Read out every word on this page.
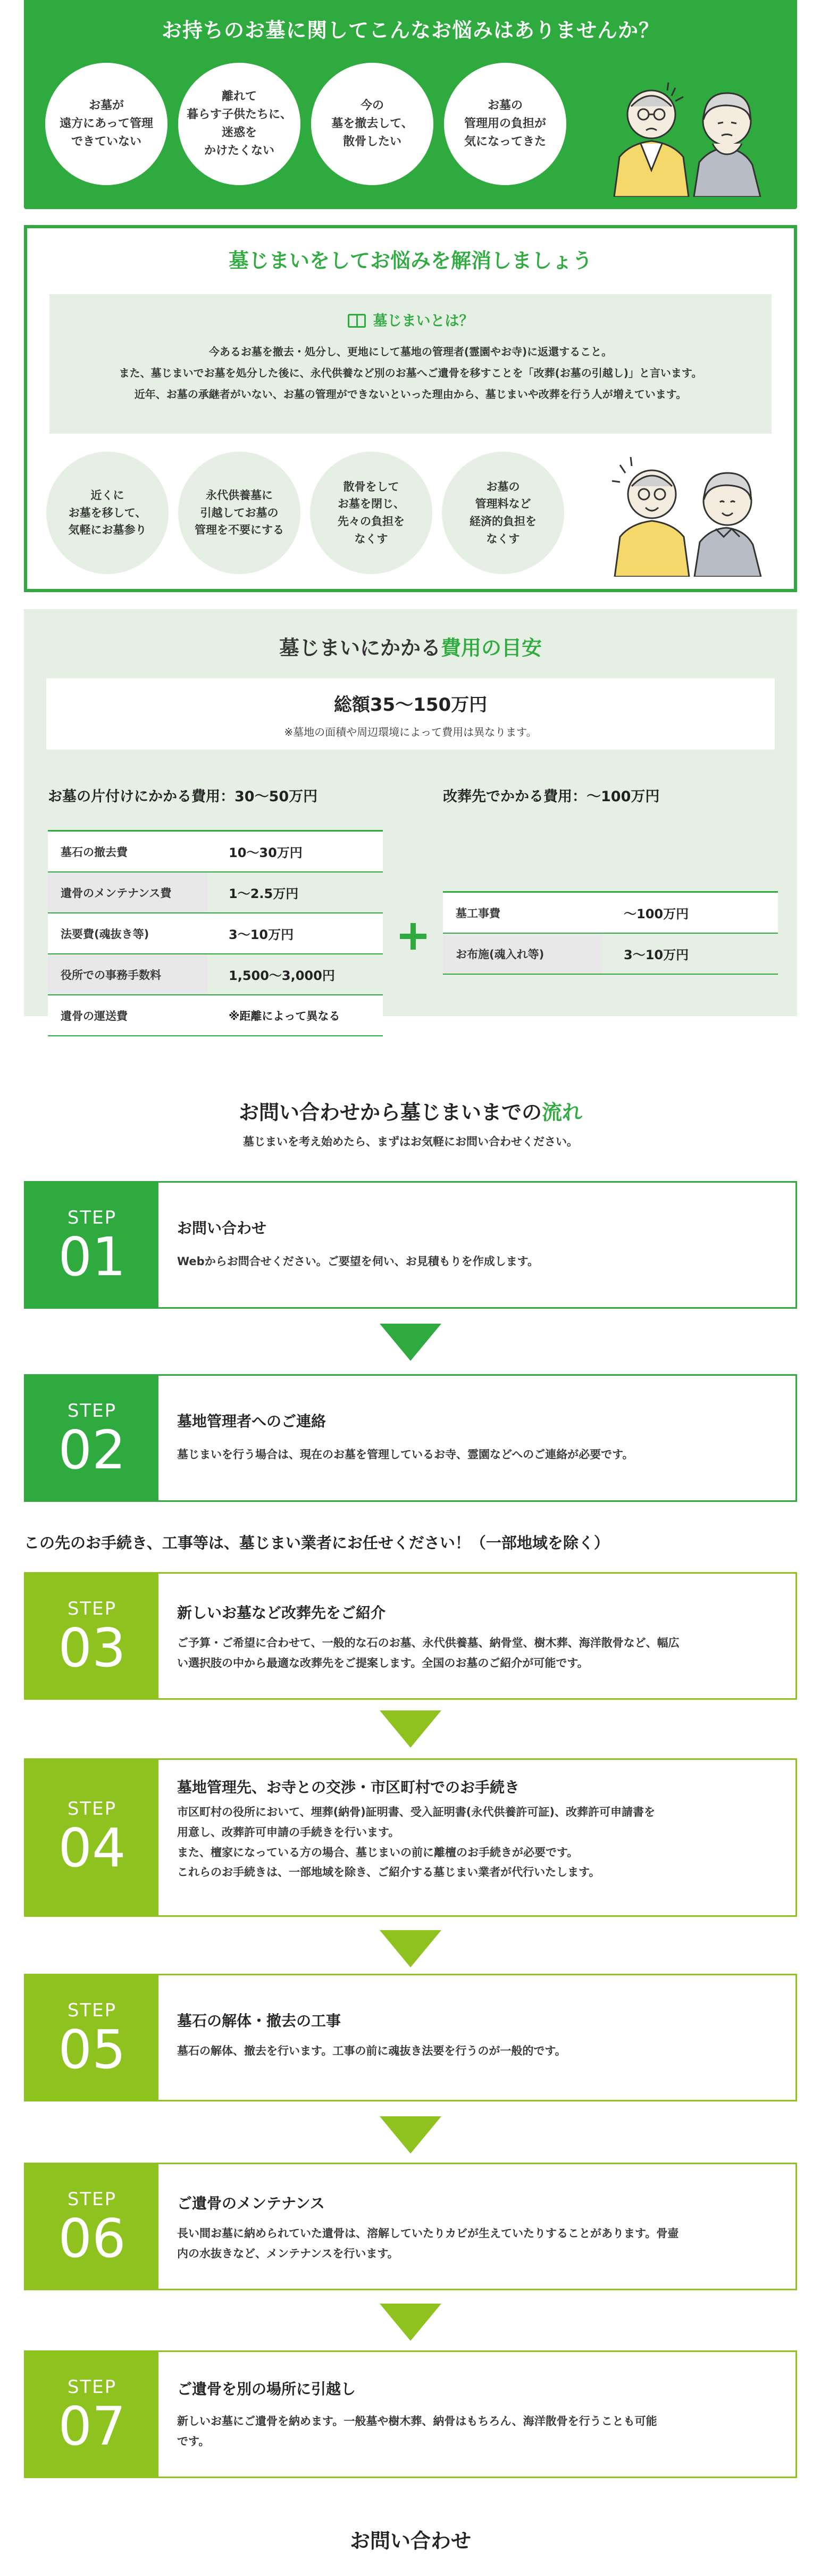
お持ちのお墓に関してこんなお悩みはありませんか？
お墓が
遠方にあって管理
できていない
離れて
暮らす子供たちに、
迷惑を
かけたくない
今の
墓を撤去して、
散骨したい
お墓の
管理用の負担が
気になってきた
墓じまいをしてお悩みを解消しましょう
墓じまいとは？
今あるお墓を撤去・処分し、更地にして墓地の管理者(霊園やお寺)に返還すること。
また、墓じまいでお墓を処分した後に、永代供養など別のお墓へご遺骨を移すことを「改葬(お墓の引越し)」と言います。
近年、お墓の承継者がいない、お墓の管理ができないといった理由から、墓じまいや改葬を行う人が増えています。
近くに
お墓を移して、
気軽にお墓参り
永代供養墓に
引越してお墓の
管理を不要にする
散骨をして
お墓を閉じ、
先々の負担を
なくす
お墓の
管理料など
経済的負担を
なくす
墓じまいにかかる費用の目安
総額35〜150万円
※墓地の面積や周辺環境によって費用は異なります。
お墓の片付けにかかる費用：30〜50万円	改葬先でかかる費用：〜100万円
墓石の撤去費	10〜30万円
遺骨のメンテナンス費	1〜2.5万円
法要費(魂抜き等)	3〜10万円
役所での事務手数料	1,500〜3,000円
遺骨の運送費	※距離によって異なる
墓工事費	〜100万円
お布施(魂入れ等)	3〜10万円
お問い合わせから墓じまいまでの流れ
墓じまいを考え始めたら、まずはお気軽にお問い合わせください。
STEP
01	お問い合わせ
Webからお問合せください。ご要望を伺い、お見積もりを作成します。
STEP
02	墓地管理者へのご連絡
墓じまいを行う場合は、現在のお墓を管理しているお寺、霊園などへのご連絡が必要です。
この先のお手続き、工事等は、墓じまい業者にお任せください！（一部地域を除く）
STEP
03
新しいお墓など改葬先をご紹介
ご予算・ご希望に合わせて、一般的な石のお墓、永代供養墓、納骨堂、樹木葬、海洋散骨など、幅広
い選択肢の中から最適な改葬先をご提案します。全国のお墓のご紹介が可能です。
STEP
04
墓地管理先、お寺との交渉・市区町村でのお手続き
市区町村の役所において、埋葬(納骨)証明書、受入証明書(永代供養許可証)、改葬許可申請書を
用意し、改葬許可申請の手続きを行います。
また、檀家になっている方の場合、墓じまいの前に離檀のお手続きが必要です。
これらのお手続きは、一部地域を除き、ご紹介する墓じまい業者が代行いたします。
STEP
05	墓石の解体・撤去の工事
墓石の解体、撤去を行います。工事の前に魂抜き法要を行うのが一般的です。
STEP
06
ご遺骨のメンテナンス
長い間お墓に納められていた遺骨は、溶解していたりカビが生えていたりすることがあります。骨壷
内の水抜きなど、メンテナンスを行います。
STEP
07
ご遺骨を別の場所に引越し
新しいお墓にご遺骨を納めます。一般墓や樹木葬、納骨はもちろん、海洋散骨を行うことも可能
です。
お問い合わせ
